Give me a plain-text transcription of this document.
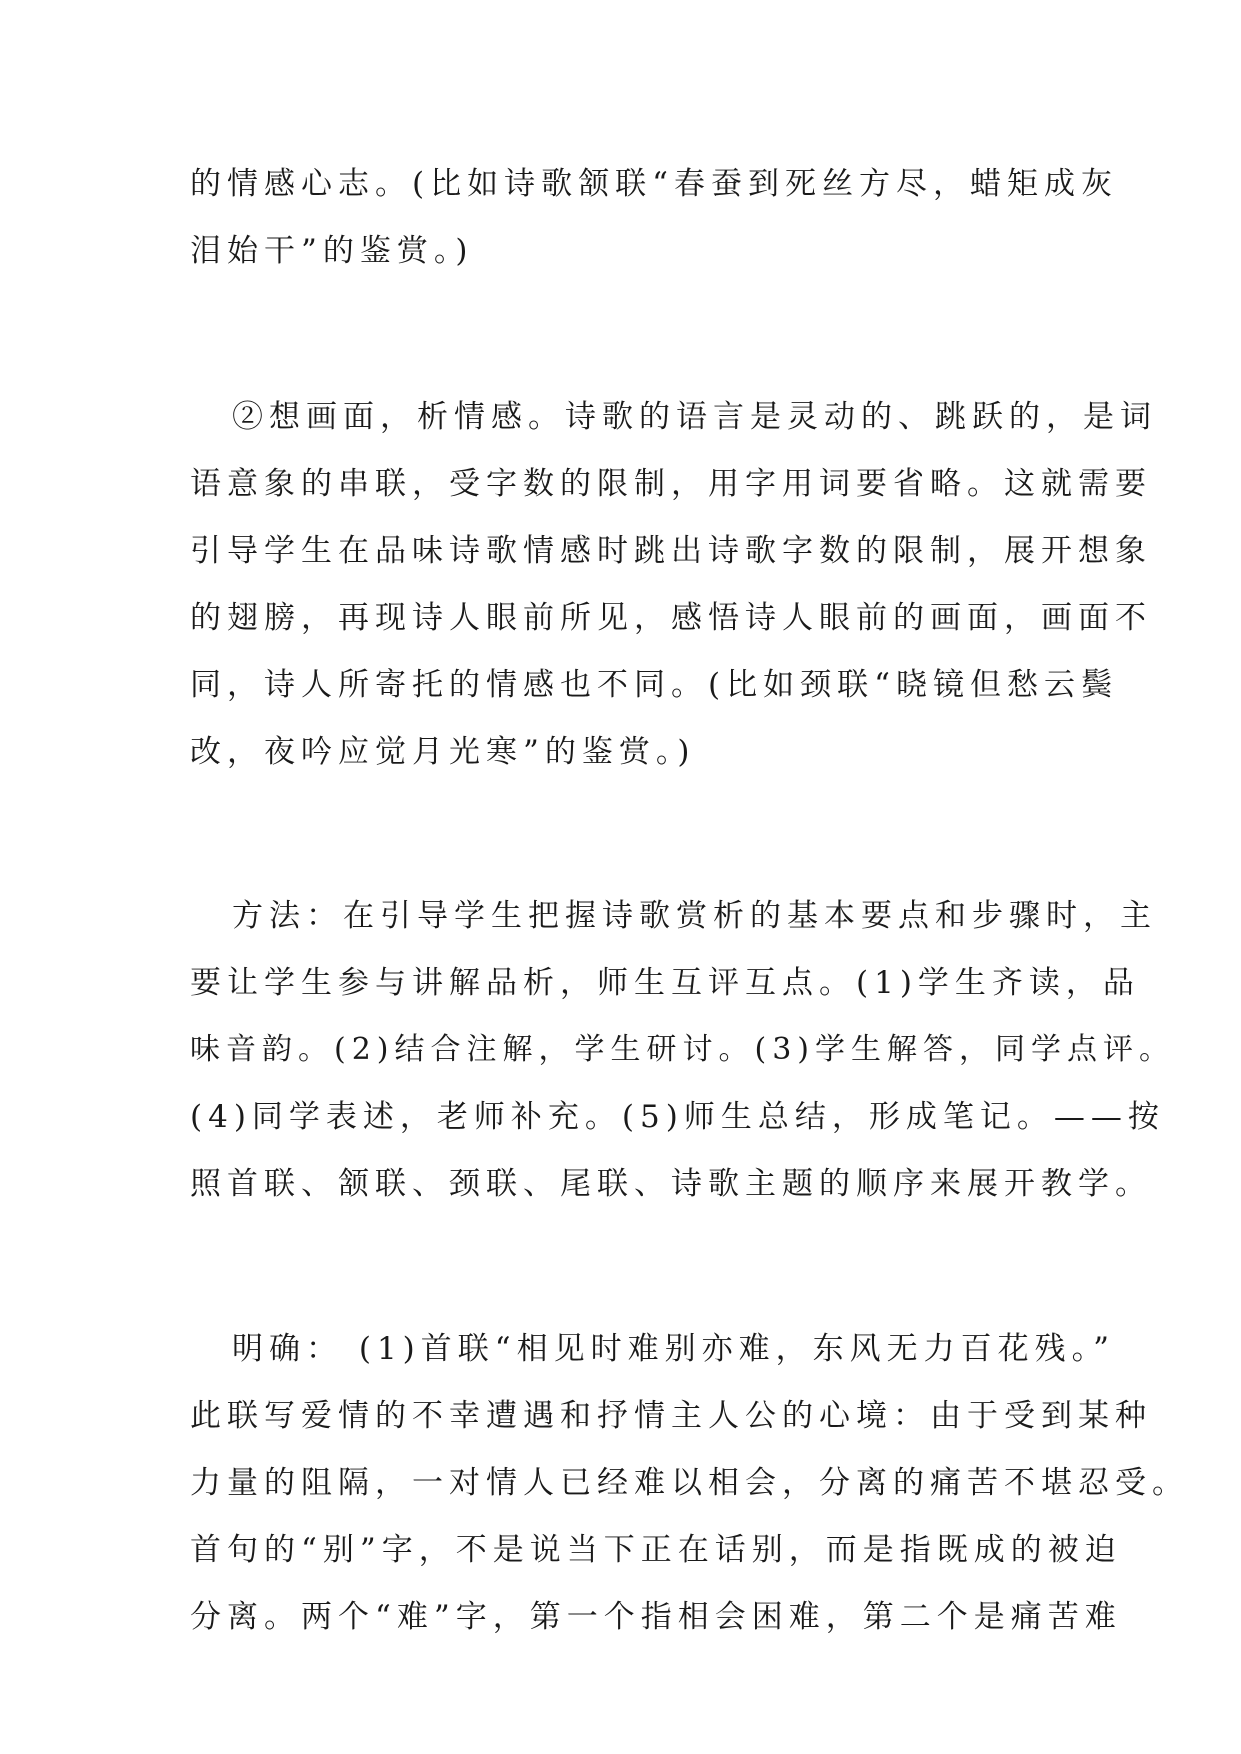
的情感心志。(比如诗歌颔联“春蚕到死丝方尽，蜡矩成灰
泪始干”的鉴赏。)
②想画面，析情感。诗歌的语言是灵动的、跳跃的，是词
语意象的串联，受字数的限制，用字用词要省略。这就需要
引导学生在品味诗歌情感时跳出诗歌字数的限制，展开想象
的翅膀，再现诗人眼前所见，感悟诗人眼前的画面，画面不
同，诗人所寄托的情感也不同。(比如颈联“晓镜但愁云鬓
改，夜吟应觉月光寒”的鉴赏。)
方法：在引导学生把握诗歌赏析的基本要点和步骤时，主
要让学生参与讲解品析，师生互评互点。(1)学生齐读，品
味音韵。(2)结合注解，学生研讨。(3)学生解答，同学点评。
(4)同学表述，老师补充。(5)师生总结，形成笔记。——按
照首联、颔联、颈联、尾联、诗歌主题的顺序来展开教学。
明确： (1)首联“相见时难别亦难，东风无力百花残。”
此联写爱情的不幸遭遇和抒情主人公的心境：由于受到某种
力量的阻隔，一对情人已经难以相会，分离的痛苦不堪忍受。
首句的“别”字，不是说当下正在话别，而是指既成的被迫
分离。两个“难”字，第一个指相会困难，第二个是痛苦难
